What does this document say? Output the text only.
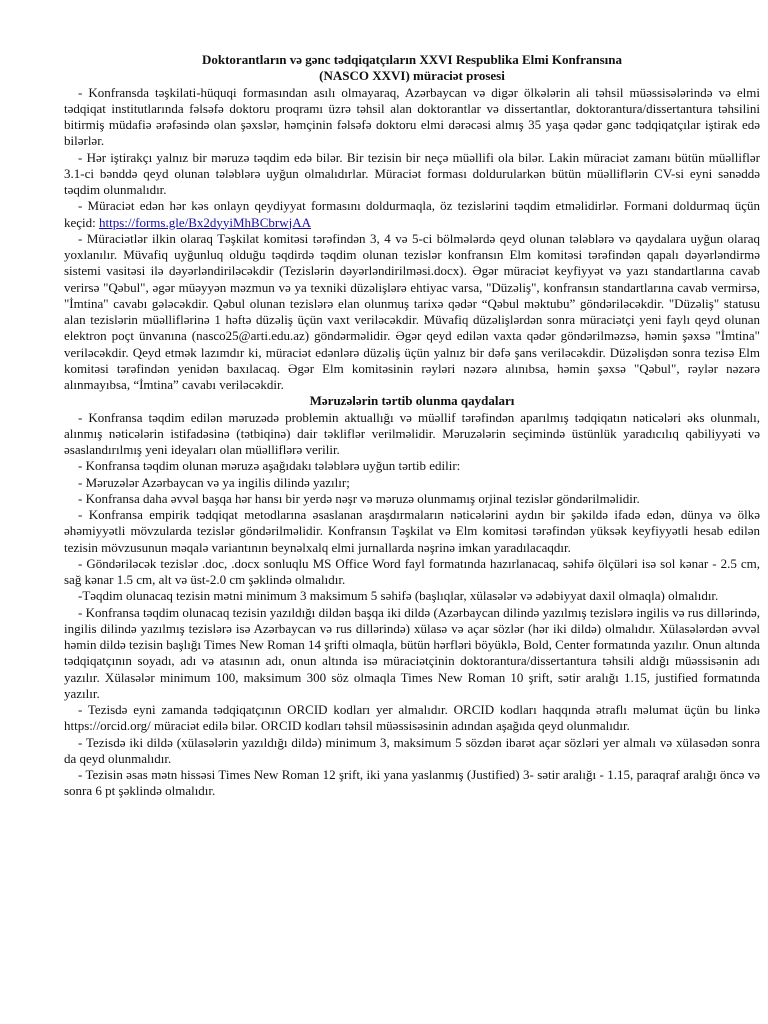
Doktorantların və gənc tədqiqatçıların XXVI Respublika Elmi Konfransına
(NASCO XXVI) müraciət prosesi

- Konfransda təşkilati-hüquqi formasından asılı olmayaraq, Azərbaycan və digər ölkələrin ali təhsil müəssisələrində və elmi tədqiqat institutlarında fəlsəfə doktoru proqramı üzrə təhsil alan doktorantlar və dissertantlar, doktorantura/dissertantura təhsilini bitirmiş müdafiə ərəfəsində olan şəxslər, həmçinin fəlsəfə doktoru elmi dərəcəsi almış 35 yaşa qədər gənc tədqiqatçılar iştirak edə bilərlər.

- Hər iştirakçı yalnız bir məruzə təqdim edə bilər. Bir tezisin bir neçə müəllifi ola bilər. Lakin müraciət zamanı bütün müəlliflər 3.1-ci bənddə qeyd olunan tələblərə uyğun olmalıdırlar. Müraciət forması doldurularkən bütün müəlliflərin CV-si eyni sənəddə təqdim olunmalıdır.

- Müraciət edən hər kəs onlayn qeydiyyat formasını doldurmaqla, öz tezislərini təqdim etməlidirlər. Formani doldurmaq üçün keçid: https://forms.gle/Bx2dyyiMhBCbrwjAA

- Müraciətlər ilkin olaraq Təşkilat komitəsi tərəfindən 3, 4 və 5-ci bölmələrdə qeyd olunan tələblərə və qaydalara uyğun olaraq yoxlanılır. Müvafiq uyğunluq olduğu təqdirdə təqdim olunan tezislər konfransın Elm komitəsi tərəfindən qapalı dəyərləndirmə sistemi vasitəsi ilə dəyərləndiriləcəkdir (Tezislərin dəyərləndirilməsi.docx). Əgər müraciət keyfiyyət və yazı standartlarına cavab verirsə "Qəbul", əgər müəyyən məzmun və ya texniki düzəlişlərə ehtiyac varsa, "Düzəliş", konfransın standartlarına cavab vermirsə, "İmtina" cavabı gələcəkdir. Qəbul olunan tezislərə elan olunmuş tarixə qədər “Qəbul məktubu” göndəriləcəkdir. "Düzəliş" statusu alan tezislərin müəlliflərinə 1 həftə düzəliş üçün vaxt veriləcəkdir. Müvafiq düzəlişlərdən sonra müraciətçi yeni faylı qeyd olunan elektron poçt ünvanına (nasco25@arti.edu.az) göndərməlidir. Əgər qeyd edilən vaxta qədər göndərilməzsə, həmin şəxsə "İmtina" veriləcəkdir. Qeyd etmək lazımdır ki, müraciət edənlərə düzəliş üçün yalnız bir dəfə şans veriləcəkdir. Düzəlişdən sonra tezisə Elm komitəsi tərəfindən yenidən baxılacaq. Əgər Elm komitəsinin rəyləri nəzərə alınıbsa, həmin şəxsə "Qəbul", rəylər nəzərə alınmayıbsa, “İmtina” cavabı veriləcəkdir.

Məruzələrin tərtib olunma qaydaları

- Konfransa təqdim edilən məruzədə problemin aktuallığı və müəllif tərəfindən aparılmış tədqiqatın nəticələri əks olunmalı, alınmış nəticələrin istifadəsinə (tətbiqinə) dair təkliflər verilməlidir. Məruzələrin seçimində üstünlük yaradıcılıq qabiliyyəti və əsaslandırılmış yeni ideyaları olan müəlliflərə verilir.

- Konfransa təqdim olunan məruzə aşağıdakı tələblərə uyğun tərtib edilir:

- Məruzələr Azərbaycan və ya ingilis dilində yazılır;

- Konfransa daha əvvəl başqa hər hansı bir yerdə nəşr və məruzə olunmamış orjinal tezislər göndərilməlidir.

- Konfransa empirik tədqiqat metodlarına əsaslanan araşdırmaların nəticələrini aydın bir şəkildə ifadə edən, dünya və ölkə əhəmiyyətli mövzularda tezislər göndərilməlidir. Konfransın Təşkilat və Elm komitəsi tərəfindən yüksək keyfiyyətli hesab edilən tezisin mövzusunun məqalə variantının beynəlxalq elmi jurnallarda nəşrinə imkan yaradılacaqdır.

- Göndəriləcək tezislər .doc, .docx sonluqlu MS Office Word fayl formatında hazırlanacaq, səhifə ölçüləri isə sol kənar - 2.5 cm, sağ kənar 1.5 cm, alt və üst-2.0 cm şəklində olmalıdır.

-Təqdim olunacaq tezisin mətni minimum 3 maksimum 5 səhifə (başlıqlar, xülasələr və ədəbiyyat daxil olmaqla) olmalıdır.

- Konfransa təqdim olunacaq tezisin yazıldığı dildən başqa iki dildə (Azərbaycan dilində yazılmış tezislərə ingilis və rus dillərində, ingilis dilində yazılmış tezislərə isə Azərbaycan və rus dillərində) xülasə və açar sözlər (hər iki dildə) olmalıdır. Xülasələrdən əvvəl həmin dildə tezisin başlığı Times New Roman 14 şrifti olmaqla, bütün hərfləri böyüklə, Bold, Center formatında yazılır. Onun altında tədqiqatçının soyadı, adı və atasının adı, onun altında isə müraciətçinin doktorantura/dissertantura təhsili aldığı müəssisənin adı yazılır. Xülasələr minimum 100, maksimum 300 söz olmaqla Times New Roman 10 şrift, sətir aralığı 1.15, justified formatında yazılır.

- Tezisdə eyni zamanda tədqiqatçının ORCID kodları yer almalıdır. ORCID kodları haqqında ətraflı məlumat üçün bu linkə https://orcid.org/ müraciət edilə bilər. ORCID kodları təhsil müəssisəsinin adından aşağıda qeyd olunmalıdır.

- Tezisdə iki dildə (xülasələrin yazıldığı dildə) minimum 3, maksimum 5 sözdən ibarət açar sözləri yer almalı və xülasədən sonra da qeyd olunmalıdır.

- Tezisin əsas mətn hissəsi Times New Roman 12 şrift, iki yana yaslanmış (Justified) 3- sətir aralığı - 1.15, paraqraf aralığı öncə və sonra 6 pt şəklində olmalıdır.
